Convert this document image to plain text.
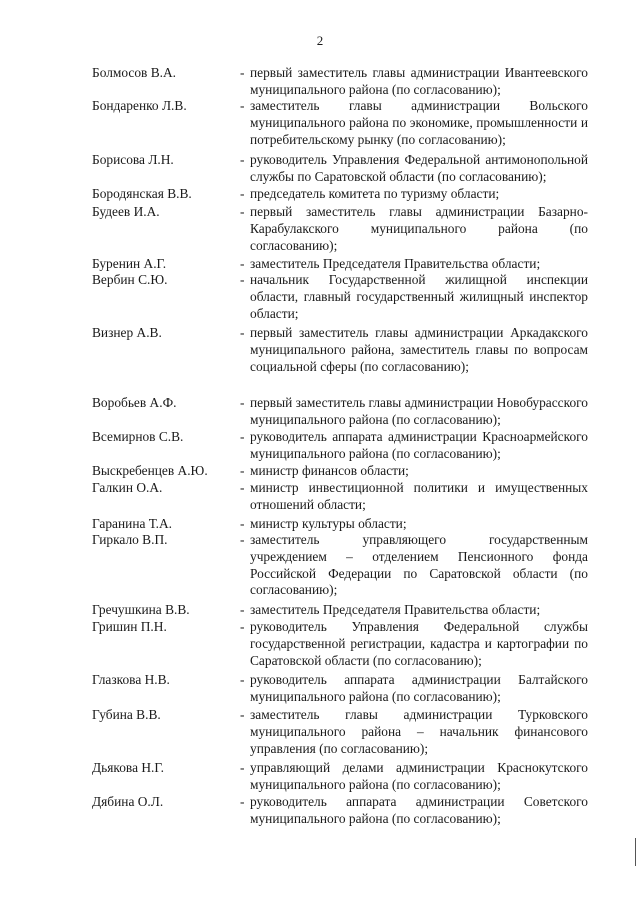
2
Болмосов В.А.	- первый заместитель главы администрации Ивантеевского муниципального района (по согласованию);
Бондаренко Л.В.	- заместитель главы администрации Вольского муниципального района по экономике, промышленности и потребительскому рынку (по согласованию);
Борисова Л.Н.	- руководитель Управления Федеральной антимонопольной службы по Саратовской области (по согласованию);
Бородянская В.В.	- председатель комитета по туризму области;
Будеев И.А.	- первый заместитель главы администрации Базарно-Карабулакского муниципального района (по согласованию);
Буренин А.Г.	- заместитель Председателя Правительства области;
Вербин С.Ю.	- начальник Государственной жилищной инспекции области, главный государственный жилищный инспектор области;
Визнер А.В.	- первый заместитель главы администрации Аркадакского муниципального района, заместитель главы по вопросам социальной сферы (по согласованию);
Воробьев А.Ф.	- первый заместитель главы администрации Новобурасского муниципального района (по согласованию);
Всемирнов С.В.	- руководитель аппарата администрации Красноармейского муниципального района (по согласованию);
Выскребенцев А.Ю. - министр финансов области;
Галкин О.А.	- министр инвестиционной политики и имущественных отношений области;
Гаранина Т.А.	- министр культуры области;
Гиркало В.П.	- заместитель управляющего государственным учреждением – отделением Пенсионного фонда Российской Федерации по Саратовской области (по согласованию);
Гречушкина В.В.	- заместитель Председателя Правительства области;
Гришин П.Н.	- руководитель Управления Федеральной службы государственной регистрации, кадастра и картографии по Саратовской области (по согласованию);
Глазкова Н.В.	- руководитель аппарата администрации Балтайского муниципального района (по согласованию);
Губина В.В.	- заместитель главы администрации Турковского муниципального района – начальник финансового управления (по согласованию);
Дьякова Н.Г.	- управляющий делами администрации Краснокутского муниципального района (по согласованию);
Дябина О.Л.	- руководитель аппарата администрации Советского муниципального района (по согласованию);
